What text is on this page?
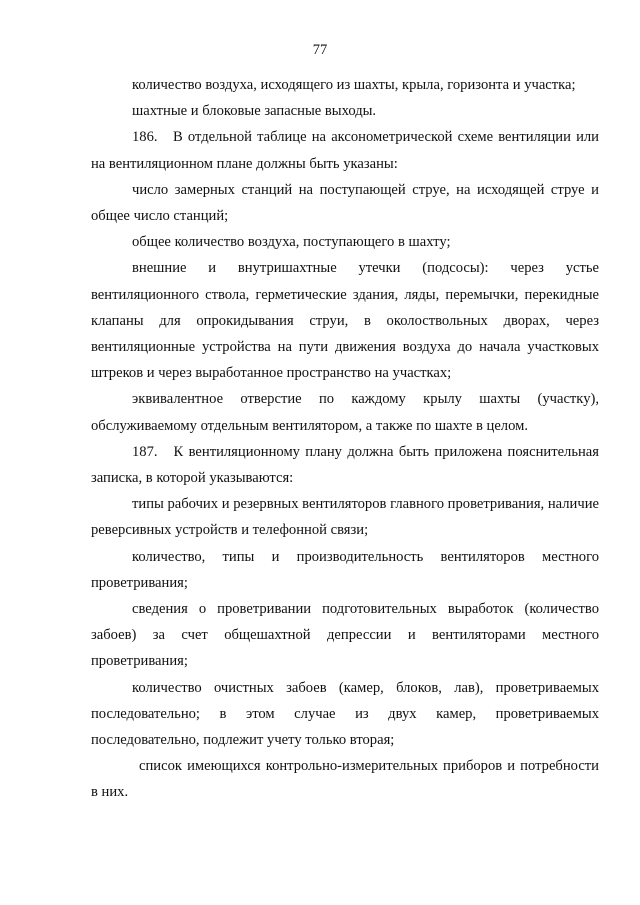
77

количество воздуха, исходящего из шахты, крыла, горизонта и участка;

шахтные и блоковые запасные выходы.

186.   В отдельной таблице на аксонометрической схеме вентиляции или на вентиляционном плане должны быть указаны:

число замерных станций на поступающей струе, на исходящей струе и общее число станций;

общее количество воздуха, поступающего в шахту;

внешние и внутришахтные утечки (подсосы): через устье вентиляционного ствола, герметические здания, ляды, перемычки, перекидные клапаны для опрокидывания струи, в околоствольных дворах, через вентиляционные устройства на пути движения воздуха до начала участковых штреков и через выработанное пространство на участках;

эквивалентное отверстие по каждому крылу шахты (участку), обслуживаемому отдельным вентилятором, а также по шахте в целом.

187.   К вентиляционному плану должна быть приложена пояснительная записка, в которой указываются:

типы рабочих и резервных вентиляторов главного проветривания, наличие реверсивных устройств и телефонной связи;

количество, типы и производительность вентиляторов местного проветривания;

сведения о проветривании подготовительных выработок (количество забоев) за счет общешахтной депрессии и вентиляторами местного проветривания;

количество очистных забоев (камер, блоков, лав), проветриваемых последовательно; в этом случае из двух камер, проветриваемых последовательно, подлежит учету только вторая;

список имеющихся контрольно-измерительных приборов и потребности в них.
